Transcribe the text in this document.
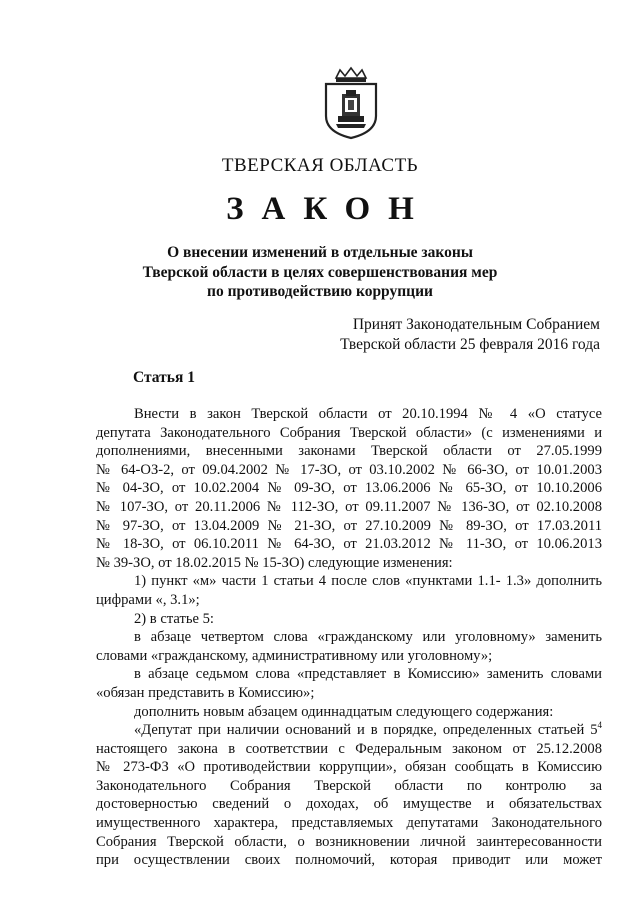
ТВЕРСКАЯ ОБЛАСТЬ
ЗАКОН
О внесении изменений в отдельные законы
Тверской области в целях совершенствования мер
по противодействию коррупции
Принят Законодательным Собранием
Тверской области 25 февраля 2016 года
Статья 1
Внести в закон Тверской области от 20.10.1994 № 4 «О статусе
депутата Законодательного Собрания Тверской области» (с изменениями и
дополнениями, внесенными законами Тверской области от 27.05.1999
№ 64-ОЗ-2, от 09.04.2002 № 17-ЗО, от 03.10.2002 № 66-ЗО, от 10.01.2003
№ 04-ЗО, от 10.02.2004 № 09-ЗО, от 13.06.2006 № 65-ЗО, от 10.10.2006
№ 107-ЗО, от 20.11.2006 № 112-ЗО, от 09.11.2007 № 136-ЗО, от 02.10.2008
№ 97-ЗО, от 13.04.2009 № 21-ЗО, от 27.10.2009 № 89-ЗО, от 17.03.2011
№ 18-ЗО, от 06.10.2011 № 64-ЗО, от 21.03.2012 № 11-ЗО, от 10.06.2013
№ 39-ЗО, от 18.02.2015 № 15-ЗО) следующие изменения:
1) пункт «м» части 1 статьи 4 после слов «пунктами 1.1- 1.3» дополнить
цифрами «, 3.1»;
2) в статье 5:
в абзаце четвертом слова «гражданскому или уголовному» заменить
словами «гражданскому, административному или уголовному»;
в абзаце седьмом слова «представляет в Комиссию» заменить словами
«обязан представить в Комиссию»;
дополнить новым абзацем одиннадцатым следующего содержания:
«Депутат при наличии оснований и в порядке, определенных статьей $5^4$
настоящего закона в соответствии с Федеральным законом от 25.12.2008
№ 273-ФЗ «О противодействии коррупции», обязан сообщать в Комиссию
Законодательного Собрания Тверской области по контролю за
достоверностью сведений о доходах, об имуществе и обязательствах
имущественного характера, представляемых депутатами Законодательного
Собрания Тверской области, о возникновении личной заинтересованности
при осуществлении своих полномочий, которая приводит или может
